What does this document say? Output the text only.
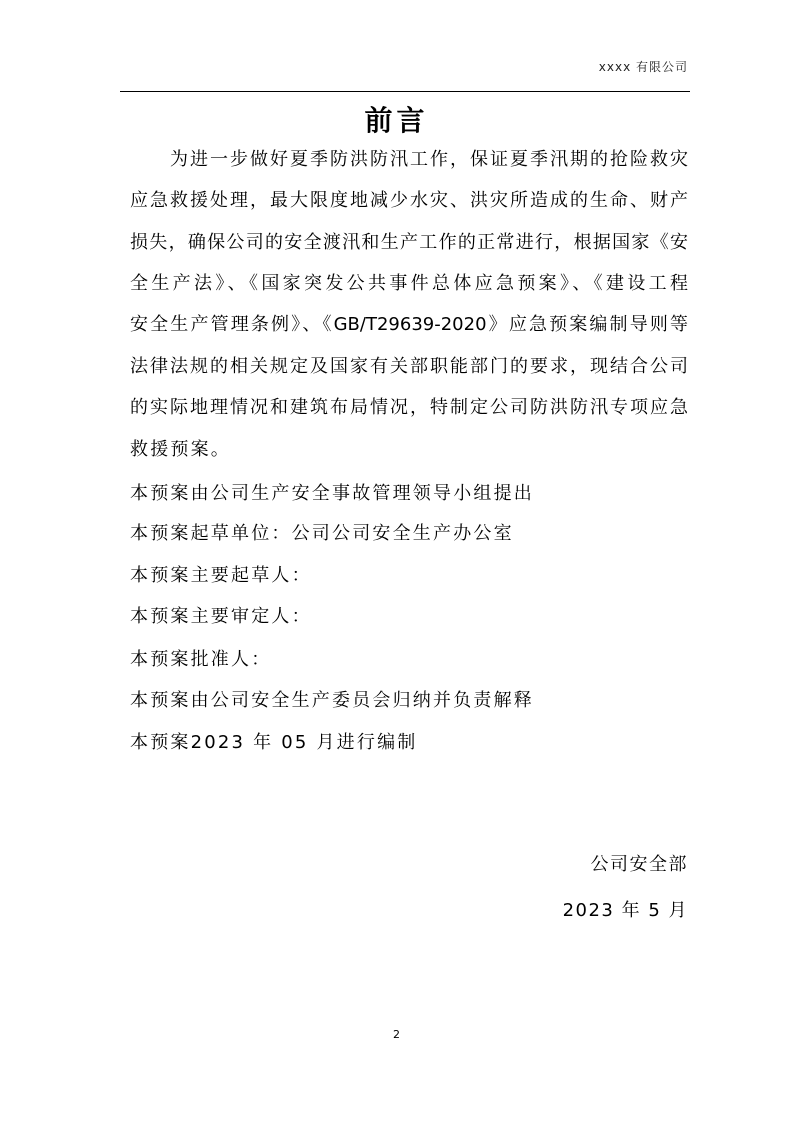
xxxx 有限公司
前言
为进一步做好夏季防洪防汛工作，保证夏季汛期的抢险救灾
应急救援处理，最大限度地减少水灾、洪灾所造成的生命、财产
损失，确保公司的安全渡汛和生产工作的正常进行，根据国家《安
全生产法》、《国家突发公共事件总体应急预案》、《建设工程
安全生产管理条例》、《GB/T29639-2020》应急预案编制导则等
法律法规的相关规定及国家有关部职能部门的要求，现结合公司
的实际地理情况和建筑布局情况，特制定公司防洪防汛专项应急
救援预案。
本预案由公司生产安全事故管理领导小组提出
本预案起草单位：公司公司安全生产办公室
本预案主要起草人：
本预案主要审定人：
本预案批准人：
本预案由公司安全生产委员会归纳并负责解释
本预案2023 年 05 月进行编制
公司安全部
2023 年 5 月
2
